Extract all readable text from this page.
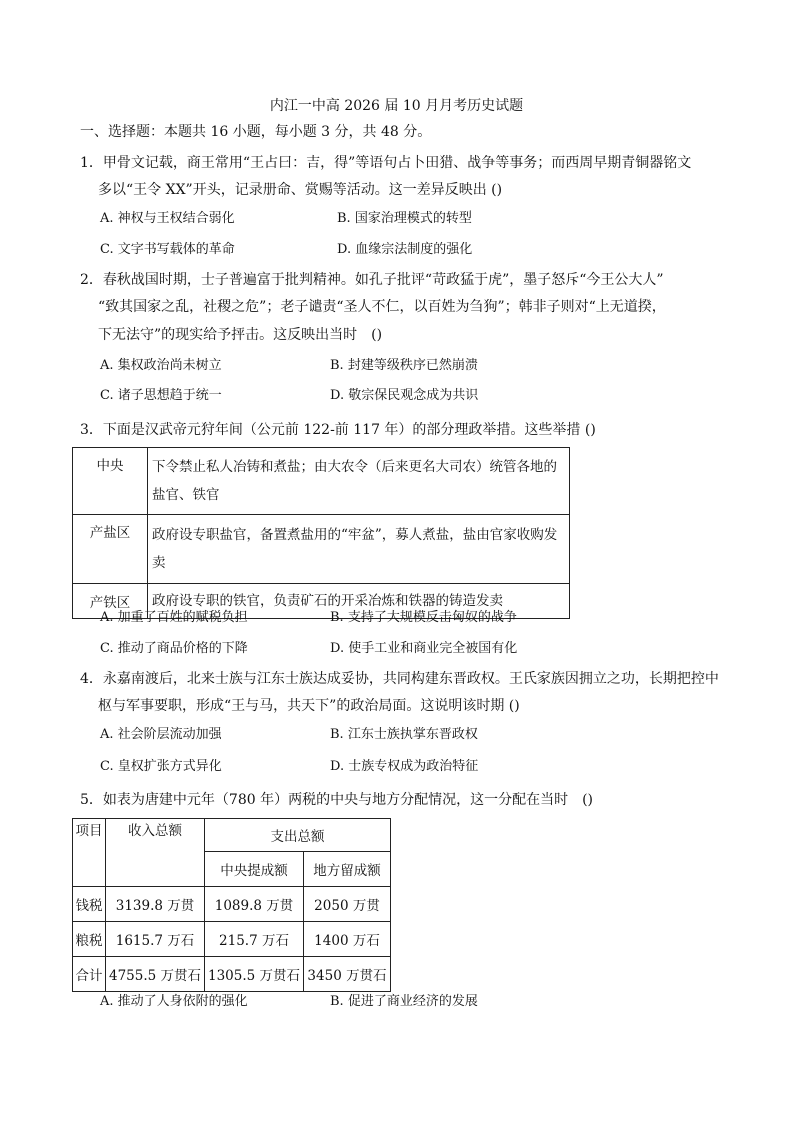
内江一中高 2026 届 10 月月考历史试题
一、选择题：本题共 16 小题，每小题 3 分，共 48 分。
1．甲骨文记载，商王常用“王占曰：吉，得”等语句占卜田猎、战争等事务；而西周早期青铜器铭文
多以“王令 XX”开头，记录册命、赏赐等活动。这一差异反映出 ()
A. 神权与王权结合弱化	B. 国家治理模式的转型
C. 文字书写载体的革命	D. 血缘宗法制度的强化
2．春秋战国时期，士子普遍富于批判精神。如孔子批评“苛政猛于虎”，墨子怒斥“今王公大人”
“致其国家之乱，社稷之危”；老子谴责“圣人不仁，以百姓为刍狗”；韩非子则对“上无道揆，
下无法守”的现实给予抨击。这反映出当时　()
A. 集权政治尚未树立	B. 封建等级秩序已然崩溃
C. 诸子思想趋于统一	D. 敬宗保民观念成为共识
3．下面是汉武帝元狩年间（公元前 122-前 117 年）的部分理政举措。这些举措 ()
中央	下令禁止私人冶铸和煮盐；由大农令（后来更名大司农）统管各地的盐官、铁官
产盐区	政府设专职盐官，备置煮盐用的“牢盆”，募人煮盐，盐由官家收购发卖
产铁区	政府设专职的铁官，负责矿石的开采冶炼和铁器的铸造发卖
A. 加重了百姓的赋税负担	B. 支持了大规模反击匈奴的战争
C. 推动了商品价格的下降	D. 使手工业和商业完全被国有化
4．永嘉南渡后，北来士族与江东士族达成妥协，共同构建东晋政权。王氏家族因拥立之功，长期把控中
枢与军事要职，形成“王与马，共天下”的政治局面。这说明该时期 ()
A. 社会阶层流动加强	B. 江东士族执掌东晋政权
C. 皇权扩张方式异化	D. 士族专权成为政治特征
5．如表为唐建中元年（780 年）两税的中央与地方分配情况，这一分配在当时　()
项目	收入总额	支出总额	
		中央提成额	地方留成额
钱税	3139.8 万贯	1089.8 万贯	2050 万贯
粮税	1615.7 万石	215.7 万石	1400 万石
合计	4755.5 万贯石	1305.5 万贯石	3450 万贯石
A. 推动了人身依附的强化	B. 促进了商业经济的发展
